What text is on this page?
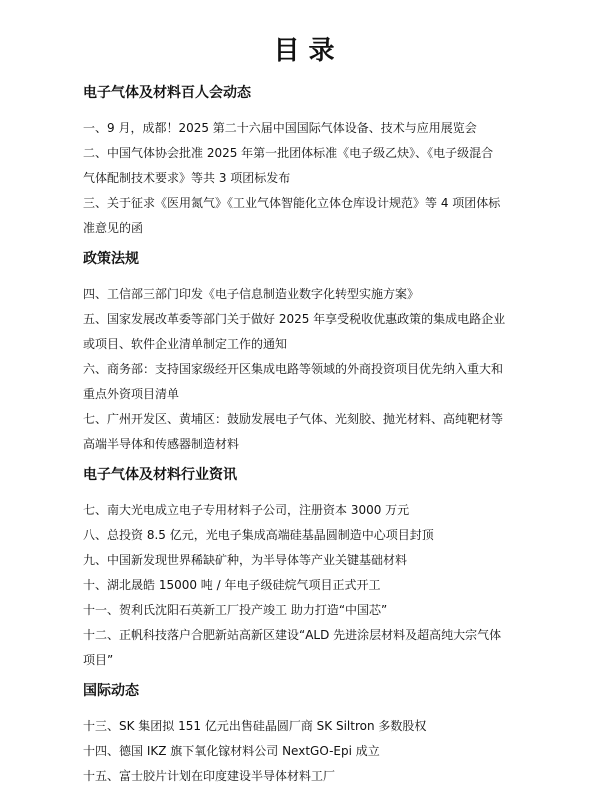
目 录
电子气体及材料百人会动态
一、9 月，成都！2025 第二十六届中国国际气体设备、技术与应用展览会
二、中国气体协会批准 2025 年第一批团体标准《电子级乙炔》、《电子级混合
气体配制技术要求》等共 3 项团标发布
三、关于征求《医用氮气》《工业气体智能化立体仓库设计规范》等 4 项团体标
准意见的函
政策法规
四、工信部三部门印发《电子信息制造业数字化转型实施方案》
五、国家发展改革委等部门关于做好 2025 年享受税收优惠政策的集成电路企业
或项目、软件企业清单制定工作的通知
六、商务部：支持国家级经开区集成电路等领域的外商投资项目优先纳入重大和
重点外资项目清单
七、广州开发区、黄埔区：鼓励发展电子气体、光刻胶、抛光材料、高纯靶材等
高端半导体和传感器制造材料
电子气体及材料行业资讯
七、南大光电成立电子专用材料子公司，注册资本 3000 万元
八、总投资 8.5 亿元，光电子集成高端硅基晶圆制造中心项目封顶
九、中国新发现世界稀缺矿种，为半导体等产业关键基础材料
十、湖北晟皓 15000 吨 / 年电子级硅烷气项目正式开工
十一、贺利氏沈阳石英新工厂投产竣工 助力打造“中国芯”
十二、正帆科技落户合肥新站高新区建设“ALD 先进涂层材料及超高纯大宗气体
项目”
国际动态
十三、SK 集团拟 151 亿元出售硅晶圆厂商 SK Siltron 多数股权
十四、德国 IKZ 旗下氧化镓材料公司 NextGO-Epi 成立
十五、富士胶片计划在印度建设半导体材料工厂
